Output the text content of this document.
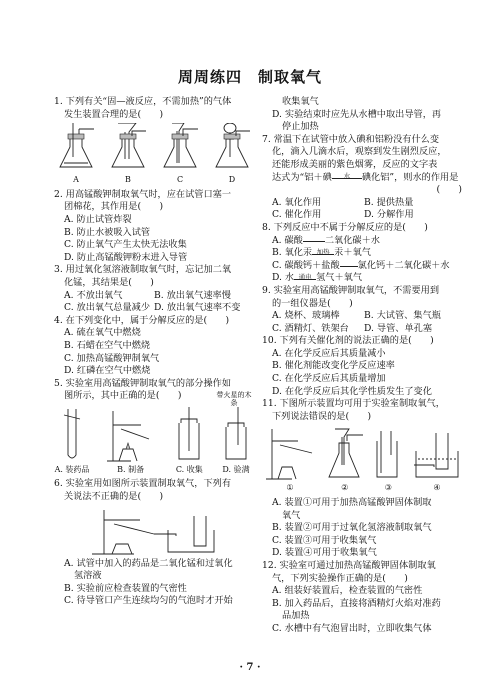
周周练四　制取氧气
1. 下列有关“固—液反应，不需加热”的气体
发生装置合理的是(　　)
A	B	C	D
2. 用高锰酸钾制取氧气时，应在试管口塞一
团棉花，其作用是(　　)
A. 防止试管炸裂
B. 防止水被吸入试管
C. 防止氧气产生太快无法收集
D. 防止高锰酸钾粉末进入导管
3. 用过氧化氢溶液制取氧气时，忘记加二氧
化锰，其结果是(　　)
A. 不放出氧气	B. 放出氧气速率慢
C. 放出氧气总量减少 D. 放出氧气速率不变
4. 在下列变化中，属于分解反应的是(　　)
A. 硫在氧气中燃烧
B. 石蜡在空气中燃烧
C. 加热高锰酸钾制氧气
D. 红磷在空气中燃烧
5. 实验室用高锰酸钾制取氧气的部分操作如
图所示，其中正确的是(　　)
A. 装药品	B. 制备	C. 收集
带火星的木条
D. 验满
6. 实验室用如图所示装置制取氧气，下列有
关说法不正确的是(　　)
A. 试管中加入的药品是二氧化锰和过氧化
氢溶液
B. 实验前应检查装置的气密性
C. 待导管口产生连续均匀的气泡时才开始
收集氧气
D. 实验结束时应先从水槽中取出导管，再
停止加热
7. 常温下在试管中放入碘和铝粉没有什么变
化，滴入几滴水后，观察到发生剧烈反应，
还能形成美丽的紫色烟雾，反应的文字表
达式为“铝＋碘	水	碘化铝”，则水的作用是
(　　)
A. 氧化作用	B. 提供热量
C. 催化作用	D. 分解作用
8. 下列反应中不属于分解反应的是(　　)
A. 碳酸 二氧化碳＋水
B. 氧化汞 加热 汞＋氧气
C. 碳酸钙＋盐酸 氯化钙＋二氧化碳＋水
D. 水 通电 氢气＋氧气
9. 实验室用高锰酸钾制取氧气，不需要用到
的一组仪器是(　　)
A. 烧杯、玻璃棒	B. 大试管、集气瓶
C. 酒精灯、铁架台	D. 导管、单孔塞
10. 下列有关催化剂的说法正确的是(　　)
A. 在化学反应后其质量减小
B. 催化剂能改变化学反应速率
C. 在化学反应后其质量增加
D. 在化学反应后其化学性质发生了变化
11. 下图所示装置均可用于实验室制取氧气，
下列说法错误的是(　　)
①	②	③	④
A. 装置①可用于加热高锰酸钾固体制取
氧气
B. 装置②可用于过氧化氢溶液制取氧气
C. 装置③可用于收集氧气
D. 装置④可用于收集氧气
12. 实验室可通过加热高锰酸钾固体制取氧
气，下列实验操作正确的是(　　)
A. 组装好装置后，检查装置的气密性
B. 加入药品后，直接将酒精灯火焰对准药
品加热
C. 水槽中有气泡冒出时，立即收集气体
· 7 ·
